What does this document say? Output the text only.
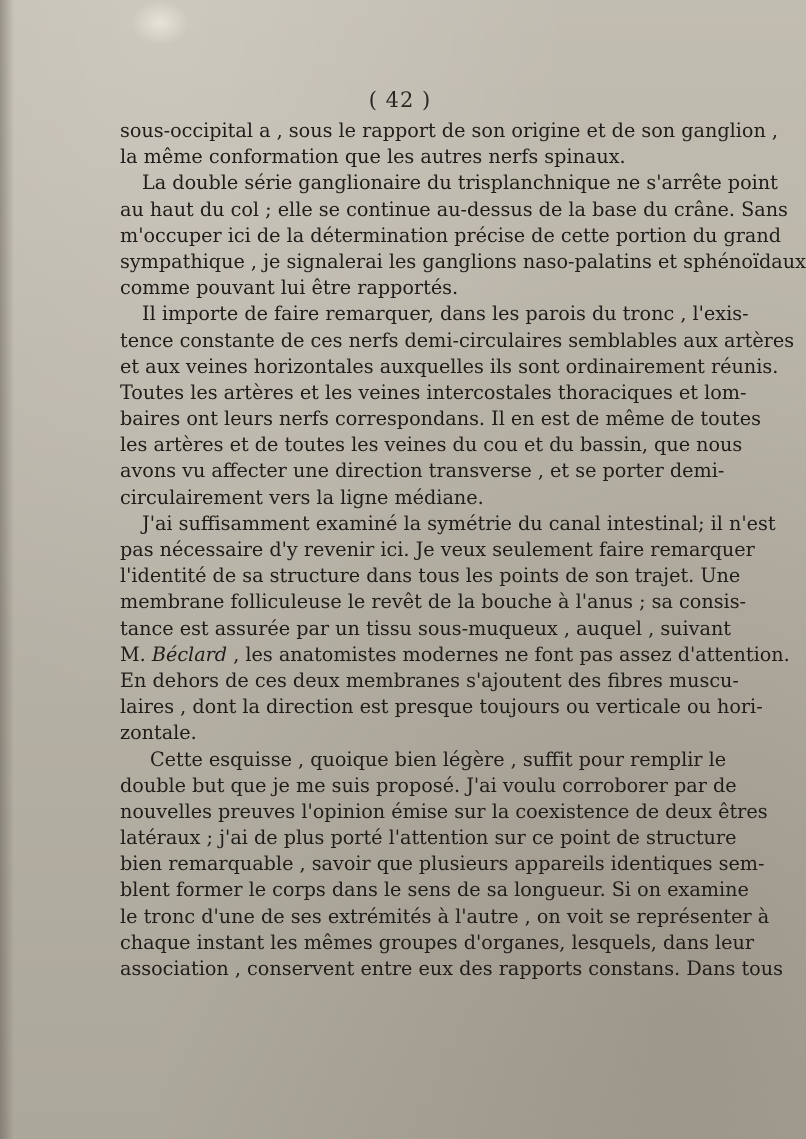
( 42 )
sous-occipital a , sous le rapport de son origine et de son ganglion ,
la même conformation que les autres nerfs spinaux.
La double série ganglionaire du trisplanchnique ne s'arrête point
au haut du col ; elle se continue au-dessus de la base du crâne. Sans
m'occuper ici de la détermination précise de cette portion du grand
sympathique , je signalerai les ganglions naso-palatins et sphénoïdaux
comme pouvant lui être rapportés.
Il importe de faire remarquer, dans les parois du tronc , l'exis-
tence constante de ces nerfs demi-circulaires semblables aux artères
et aux veines horizontales auxquelles ils sont ordinairement réunis.
Toutes les artères et les veines intercostales thoraciques et lom-
baires ont leurs nerfs correspondans. Il en est de même de toutes
les artères et de toutes les veines du cou et du bassin, que nous
avons vu affecter une direction transverse , et se porter demi-
circulairement vers la ligne médiane.
J'ai suffisamment examiné la symétrie du canal intestinal; il n'est
pas nécessaire d'y revenir ici. Je veux seulement faire remarquer
l'identité de sa structure dans tous les points de son trajet. Une
membrane folliculeuse le revêt de la bouche à l'anus ; sa consis-
tance est assurée par un tissu sous-muqueux , auquel , suivant
M. Béclard , les anatomistes modernes ne font pas assez d'attention.
En dehors de ces deux membranes s'ajoutent des fibres muscu-
laires , dont la direction est presque toujours ou verticale ou hori-
zontale.
Cette esquisse , quoique bien légère , suffit pour remplir le
double but que je me suis proposé. J'ai voulu corroborer par de
nouvelles preuves l'opinion émise sur la coexistence de deux êtres
latéraux ; j'ai de plus porté l'attention sur ce point de structure
bien remarquable , savoir que plusieurs appareils identiques sem-
blent former le corps dans le sens de sa longueur. Si on examine
le tronc d'une de ses extrémités à l'autre , on voit se représenter à
chaque instant les mêmes groupes d'organes, lesquels, dans leur
association , conservent entre eux des rapports constans. Dans tous
